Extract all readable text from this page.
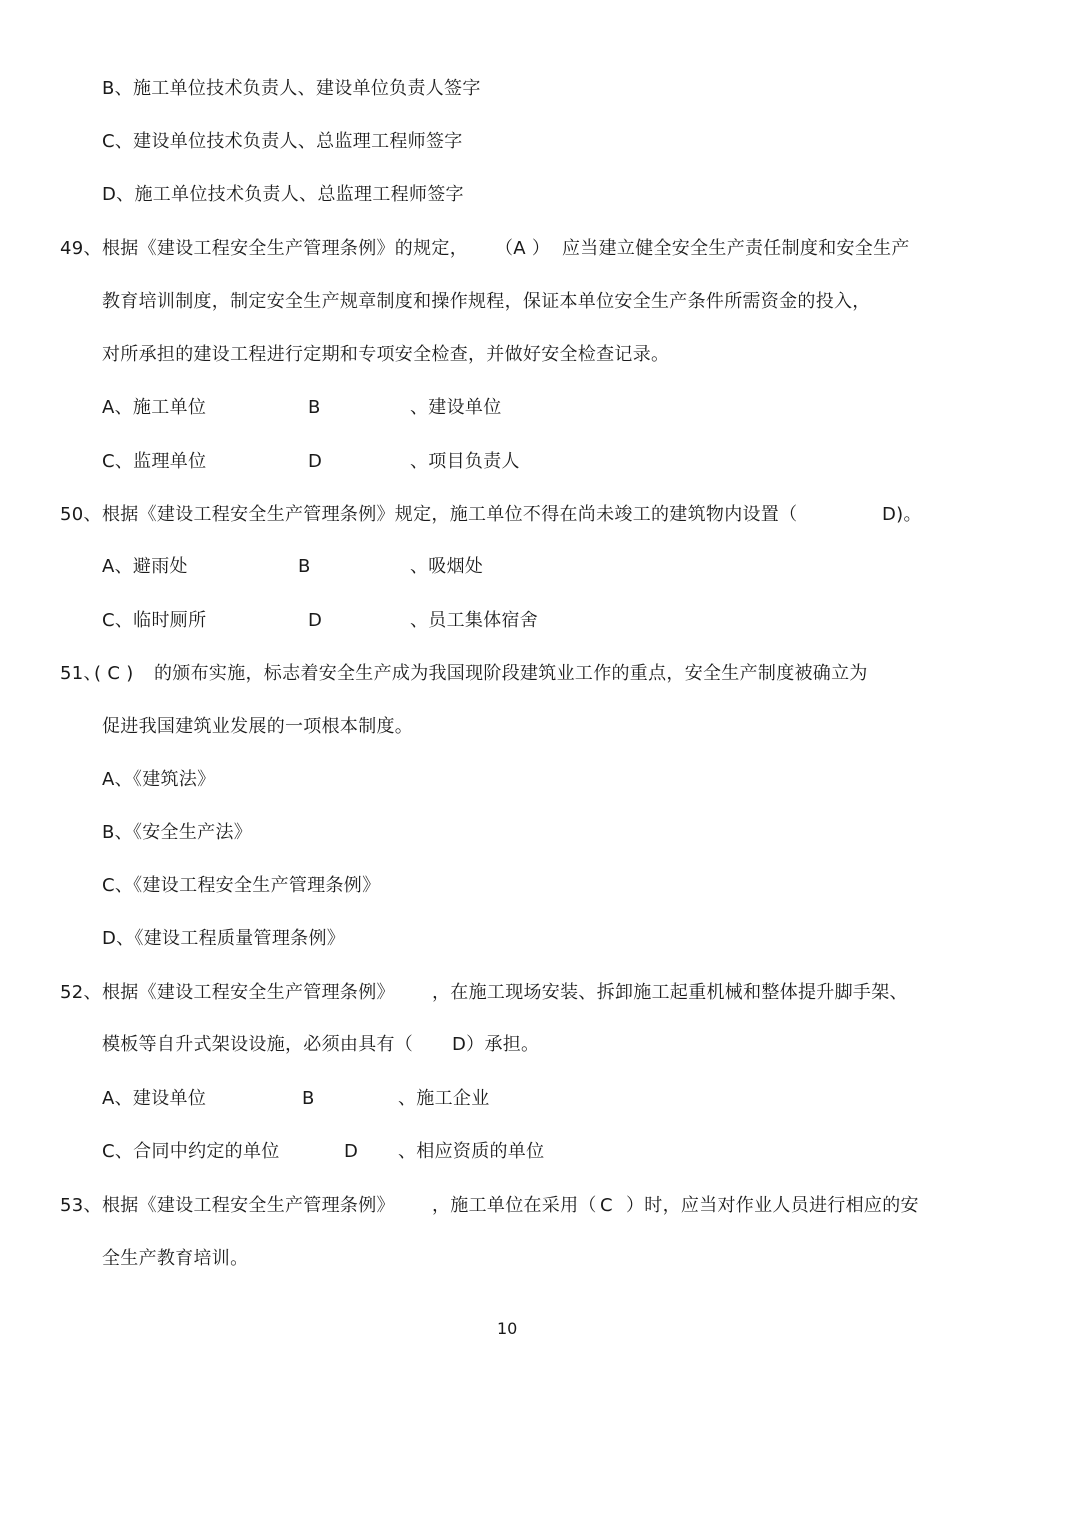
B、施工单位技术负责人、建设单位负责人签字
C、建设单位技术负责人、总监理工程师签字
D、施工单位技术负责人、总监理工程师签字
49、 根据《建设工程安全生产管理条例》的规定， （A ） 应当建立健全安全生产责任制度和安全生产
教育培训制度，制定安全生产规章制度和操作规程，保证本单位安全生产条件所需资金的投入，
对所承担的建设工程进行定期和专项安全检查，并做好安全检查记录。
A、施工单位	B	、建设单位
C、监理单位	D	、项目负责人
50、 根据《建设工程安全生产管理条例》规定，施工单位不得在尚未竣工的建筑物内设置（	D)。
A、避雨处	B	、吸烟处
C、临时厕所	D	、员工集体宿舍
51、
( C ) 的颁布实施，标志着安全生产成为我国现阶段建筑业工作的重点，安全生产制度被确立为
促进我国建筑业发展的一项根本制度。
A、《建筑法》
B、《安全生产法》
C、《建设工程安全生产管理条例》
D、《建设工程质量管理条例》
52、 根据《建设工程安全生产管理条例》 ，在施工现场安装、拆卸施工起重机械和整体提升脚手架、
模板等自升式架设设施，必须由具有（ D）承担。
A、建设单位	B	、施工企业
C、合同中约定的单位	D 、相应资质的单位
53、 根据《建设工程安全生产管理条例》 ，施工单位在采用（ C ）时，应当对作业人员进行相应的安
全生产教育培训。
10
